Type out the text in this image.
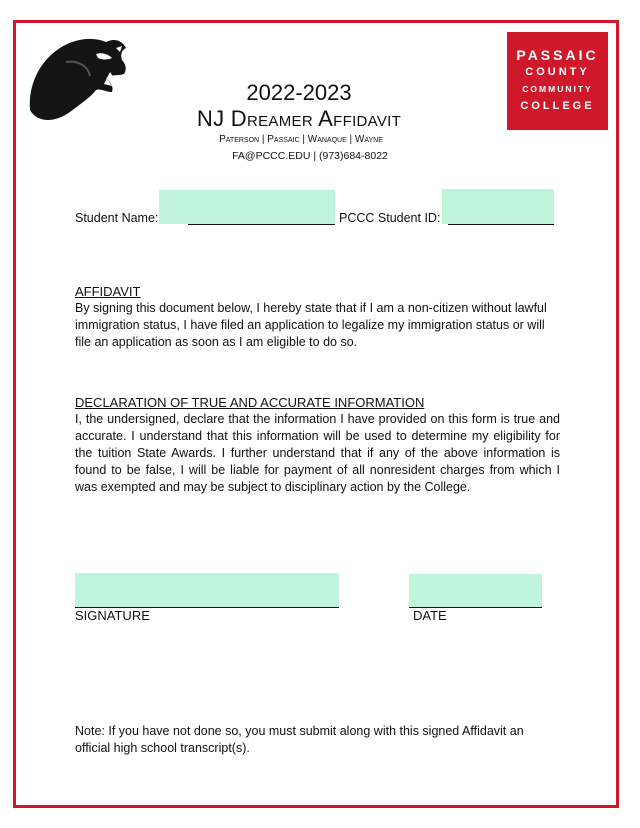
PASSAIC
COUNTY
COMMUNITY
COLLEGE
2022-2023
NJ Dreamer Affidavit
Paterson | Passaic | Wanaque | Wayne
FA@PCCC.EDU | (973)684-8022
Student Name:	PCCC Student ID:
AFFIDAVIT
By signing this document below, I hereby state that if I am a non-citizen without lawful immigration status, I have filed an application to legalize my immigration status or will file an application as soon as I am eligible to do so.
DECLARATION OF TRUE AND ACCURATE INFORMATION
I, the undersigned, declare that the information I have provided on this form is true and accurate. I understand that this information will be used to determine my eligibility for the tuition State Awards. I further understand that if any of the above information is found to be false, I will be liable for payment of all nonresident charges from which I was exempted and may be subject to disciplinary action by the College.
SIGNATURE	DATE
Note: If you have not done so, you must submit along with this signed Affidavit an official high school transcript(s).
